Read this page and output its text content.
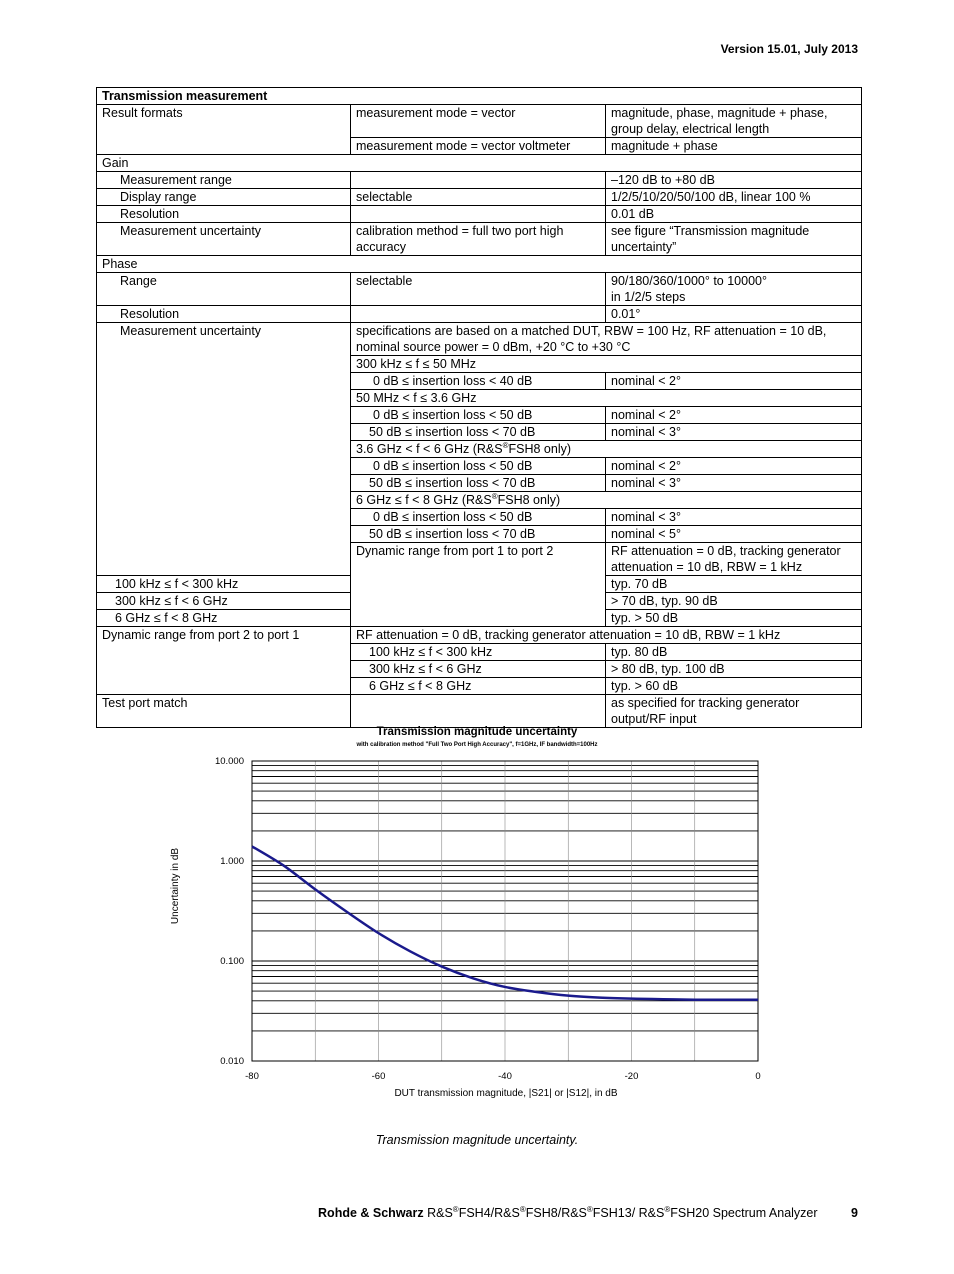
Version 15.01, July 2013
Transmission measurement		
Result formats	measurement mode = vector	magnitude, phase, magnitude + phase, group delay, electrical length
	measurement mode = vector voltmeter	magnitude + phase
Gain		
Measurement range		–120 dB to +80 dB
Display range	selectable	1/2/5/10/20/50/100 dB, linear 100 %
Resolution		0.01 dB
Measurement uncertainty	calibration method = full two port high accuracy	see figure “Transmission magnitude uncertainty”
Phase		
Range	selectable	90/180/360/1000° to 10000°
in 1/2/5 steps
Resolution		0.01°
Measurement uncertainty	specifications are based on a matched DUT, RBW = 100 Hz, RF attenuation = 10 dB, nominal source power = 0 dBm, +20 °C to +30 °C	
	300 kHz ≤ f ≤ 50 MHz	
	0 dB ≤ insertion loss < 40 dB	nominal < 2°
	50 MHz < f ≤ 3.6 GHz	
	0 dB ≤ insertion loss < 50 dB	nominal < 2°
	50 dB ≤ insertion loss < 70 dB	nominal < 3°
	3.6 GHz < f < 6 GHz (R&S®FSH8 only)	
	0 dB ≤ insertion loss < 50 dB	nominal < 2°
	50 dB ≤ insertion loss < 70 dB	nominal < 3°
	6 GHz ≤ f < 8 GHz (R&S®FSH8 only)	
	0 dB ≤ insertion loss < 50 dB	nominal < 3°
	50 dB ≤ insertion loss < 70 dB	nominal < 5°
	Dynamic range from port 1 to port 2	RF attenuation = 0 dB, tracking generator attenuation = 10 dB, RBW = 1 kHz
100 kHz ≤ f < 300 kHz		typ. 70 dB
300 kHz ≤ f < 6 GHz		> 70 dB, typ. 90 dB
6 GHz ≤ f < 8 GHz		typ. > 50 dB
Dynamic range from port 2 to port 1	RF attenuation = 0 dB, tracking generator attenuation = 10 dB, RBW = 1 kHz	
	100 kHz ≤ f < 300 kHz	typ. 80 dB
	300 kHz ≤ f < 6 GHz	> 80 dB, typ. 100 dB
	6 GHz ≤ f < 8 GHz	typ. > 60 dB
Test port match		as specified for tracking generator output/RF input
Transmission magnitude uncertainty
with calibration method "Full Two Port High Accuracy", f=1GHz, IF bandwidth=100Hz
-80	-60	-40	-20	0
0.010
0.100
1.000
10.000
DUT transmission magnitude, |S21| or |S12|, in dB
Uncertainty in dB
Transmission magnitude uncertainty.
Rohde & Schwarz R&S®FSH4/R&S®FSH8/R&S®FSH13/ R&S®FSH20 Spectrum Analyzer	9
